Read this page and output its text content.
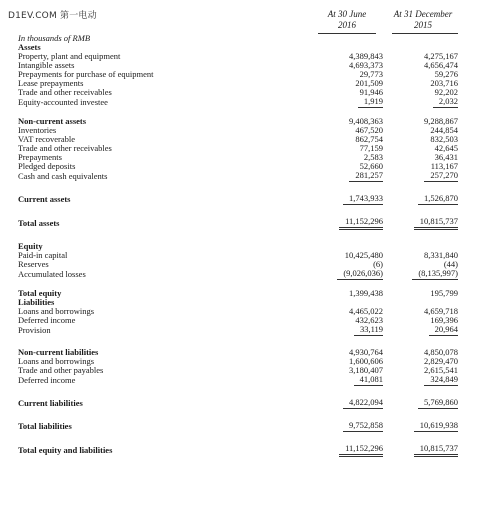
D1EV.COM 第一电动	At 30 June
2016
At 31 December
2015
In thousands of RMB		
Assets		
Property, plant and equipment	4,389,843	4,275,167
Intangible assets	4,693,373	4,656,474
Prepayments for purchase of equipment	29,773	59,276
Lease prepayments	201,509	203,716
Trade and other receivables	91,946	92,202
Equity-accounted investee	1,919	2,032

Non-current assets	9,408,363	9,288,867
Inventories	467,520	244,854
VAT recoverable	862,754	832,503
Trade and other receivables	77,159	42,645
Prepayments	2,583	36,431
Pledged deposits	52,660	113,167
Cash and cash equivalents	281,257	257,270

Current assets	1,743,933	1,526,870

Total assets	11,152,296	10,815,737

Equity		
Paid-in capital	10,425,480	8,331,840
Reserves	(6)	(44)
Accumulated losses	(9,026,036)	(8,135,997)

Total equity	1,399,438	195,799
Liabilities		
Loans and borrowings	4,465,022	4,659,718
Deferred income	432,623	169,396
Provision	33,119	20,964

Non-current liabilities	4,930,764	4,850,078
Loans and borrowings	1,600,606	2,829,470
Trade and other payables	3,180,407	2,615,541
Deferred income	41,081	324,849

Current liabilities	4,822,094	5,769,860

Total liabilities	9,752,858	10,619,938

Total equity and liabilities	11,152,296	10,815,737
